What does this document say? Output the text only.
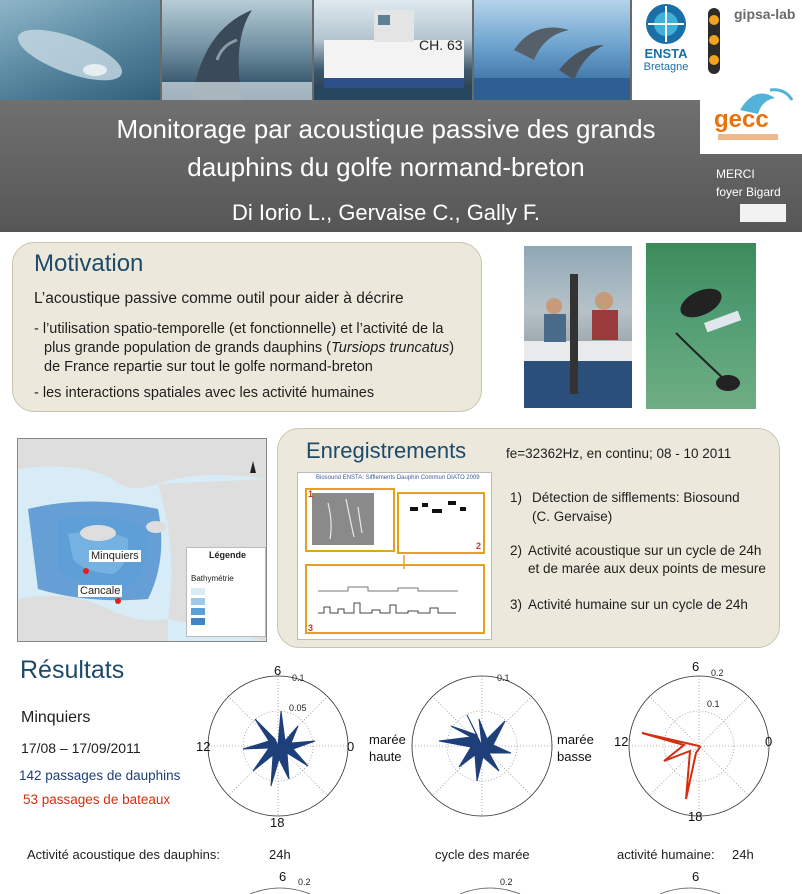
CH. 63
ENSTA
Bretagne
gipsa-lab
gecc
Photos: GECC
Monitorage par acoustique passive des grands
dauphins du golfe normand-breton
Di Iorio L., Gervaise C., Gally F.
MERCI
foyer Bigard
Motivation
L’acoustique passive comme outil pour aider à décrire
- l’utilisation spatio-temporelle (et fonctionnelle) et l’activité de la
plus grande population de grands dauphins (Tursiops truncatus)
de France repartie sur tout le golfe normand-breton
- les interactions spatiales avec les activité humaines
Minquiers
Cancale
Légende
Bathymétrie
Enregistrements	fe=32362Hz, en continu; 08 - 10 2011
Biosound ENSTA: Sifflements Dauphin Commun DIATO 2009
1
2
3
1) Détection de sifflements: Biosound
(C. Gervaise)
2) Activité acoustique sur un cycle de 24h
et de marée aux deux points de mesure
3) Activité humaine sur un cycle de 24h
Résultats
Minquiers
17/08 – 17/09/2011
142 passages de dauphins
53 passages de bateaux
6
18
12	0
0.1
0.05
marée
haute
0.1
marée
basse
6
18
12	0
0.2
0.1
Activité acoustique des dauphins:	24h	cycle des marée	activité humaine: 24h
6 0.2	0.2	6
